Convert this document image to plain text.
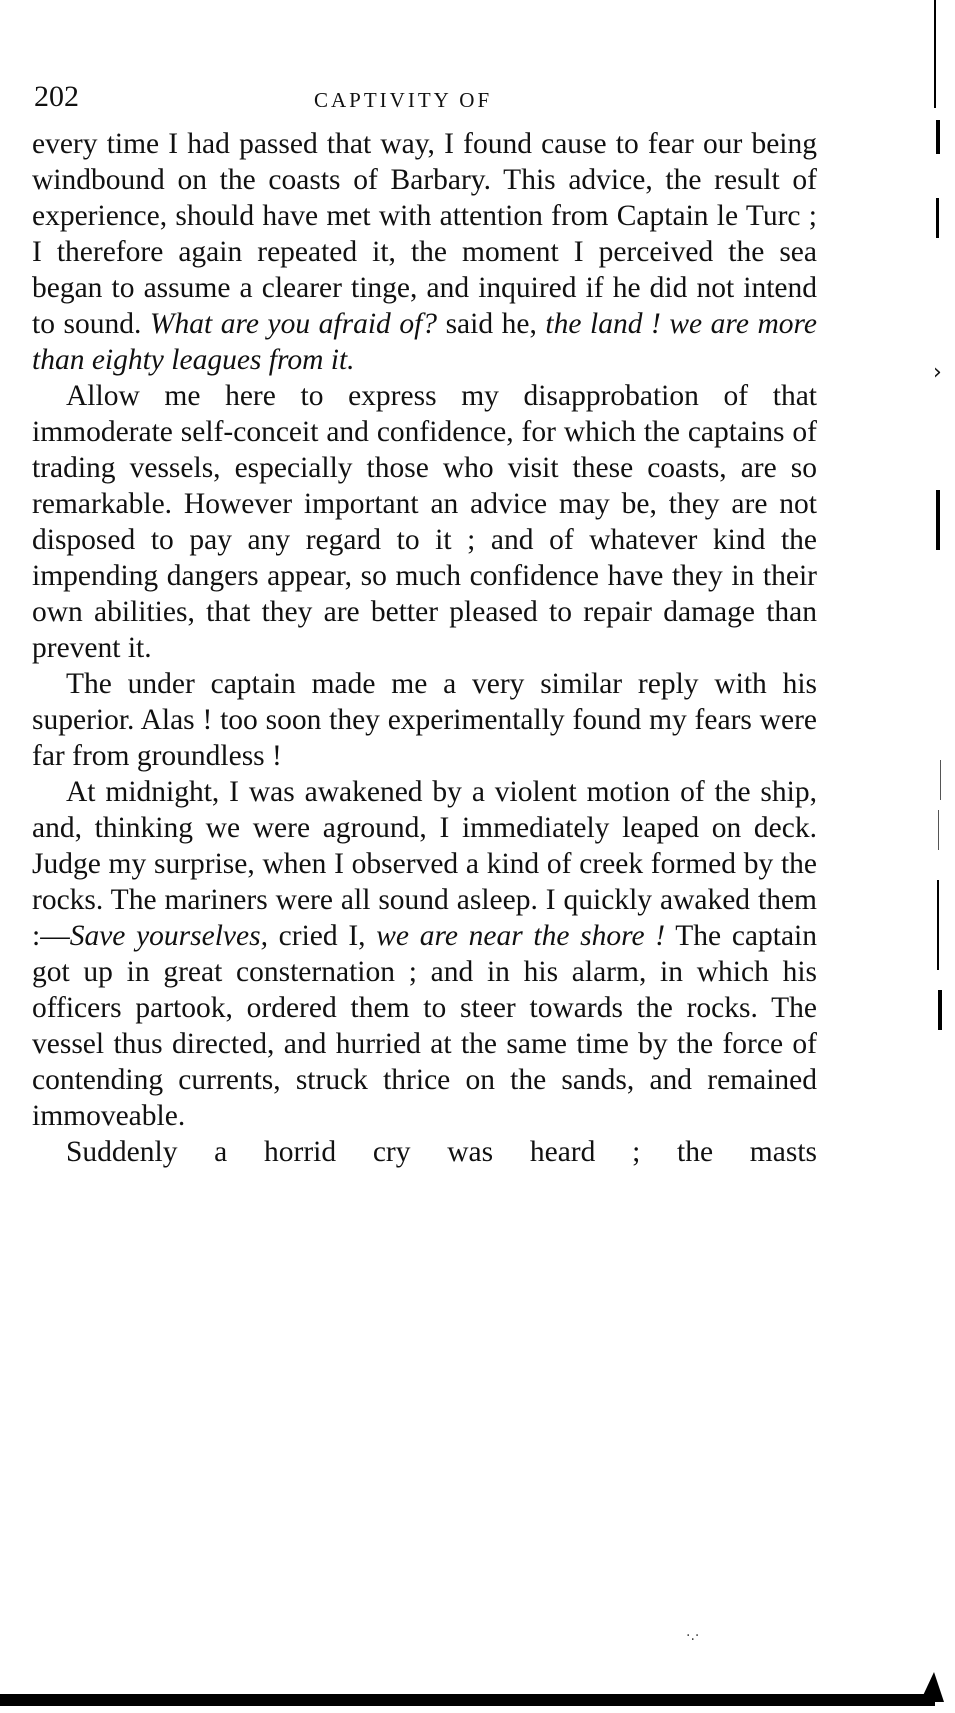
202	CAPTIVITY OF

every time I had passed that way, I found cause to fear our being windbound on the coasts of Barbary. This advice, the result of experience, should have met with attention from Captain le Turc ; I therefore again repeated it, the moment I perceived the sea began to assume a clearer tinge, and inquired if he did not intend to sound. What are you afraid of? said he, the land ! we are more than eighty leagues from it.

Allow me here to express my disapprobation of that immoderate self-conceit and confidence, for which the captains of trading vessels, especially those who visit these coasts, are so remarkable. However important an advice may be, they are not disposed to pay any regard to it ; and of whatever kind the impending dangers appear, so much confidence have they in their own abilities, that they are better pleased to repair damage than prevent it.

The under captain made me a very similar reply with his superior. Alas ! too soon they experimentally found my fears were far from groundless !

At midnight, I was awakened by a violent motion of the ship, and, thinking we were aground, I immediately leaped on deck. Judge my surprise, when I observed a kind of creek formed by the rocks. The mariners were all sound asleep. I quickly awaked them :—Save yourselves, cried I, we are near the shore ! The captain got up in great consternation ; and in his alarm, in which his officers partook, ordered them to steer towards the rocks. The vessel thus directed, and hurried at the same time by the force of contending currents, struck thrice on the sands, and remained immoveable.

Suddenly a horrid cry was heard ; the masts

›
·.·
